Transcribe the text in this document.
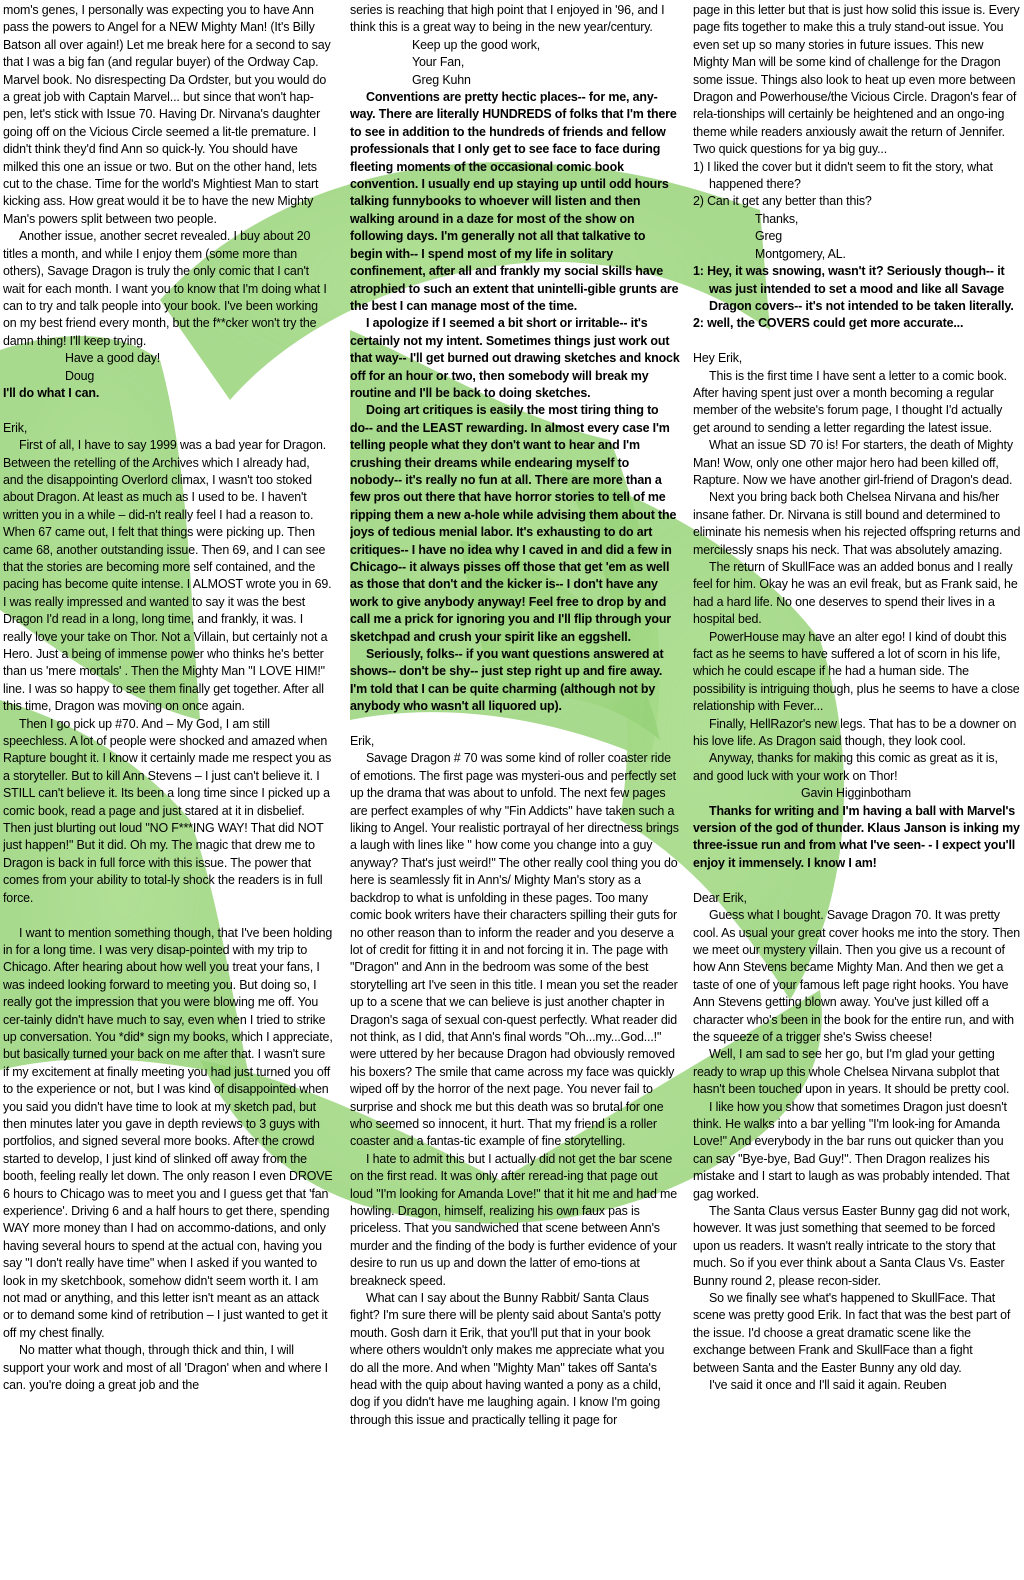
mom's genes, I personally was expecting you to have Ann pass the powers to Angel for a NEW Mighty Man! (It's Billy Batson all over again!) Let me break here for a second to say that I was a big fan (and regular buyer) of the Ordway Cap. Marvel book. No disrespecting Da Ordster, but you would do a great job with Captain Marvel... but since that won't hap-pen, let's stick with Issue 70. Having Dr. Nirvana's daughter going off on the Vicious Circle seemed a lit-tle premature. I didn't think they'd find Ann so quick-ly. You should have milked this one an issue or two. But on the other hand, lets cut to the chase. Time for the world's Mightiest Man to start kicking ass. How great would it be to have the new Mighty Man's powers split between two people.

Another issue, another secret revealed. I buy about 20 titles a month, and while I enjoy them (some more than others), Savage Dragon is truly the only comic that I can't wait for each month. I want you to know that I'm doing what I can to try and talk people into your book. I've been working on my best friend every month, but the f**cker won't try the damn thing! I'll keep trying.

Have a good day!

Doug

I'll do what I can.

Erik,

First of all, I have to say 1999 was a bad year for Dragon. Between the retelling of the Archives which I already had, and the disappointing Overlord climax, I wasn't too stoked about Dragon. At least as much as I used to be. I haven't written you in a while – did-n't really feel I had a reason to. When 67 came out, I felt that things were picking up. Then came 68, another outstanding issue. Then 69, and I can see that the stories are becoming more self contained, and the pacing has become quite intense. I ALMOST wrote you in 69. I was really impressed and wanted to say it was the best Dragon I'd read in a long, long time, and frankly, it was. I really love your take on Thor. Not a Villain, but certainly not a Hero. Just a being of immense power who thinks he's better than us 'mere mortals' . Then the Mighty Man "I LOVE HIM!" line. I was so happy to see them finally get together. After all this time, Dragon was moving on once again.

Then I go pick up #70. And – My God, I am still speechless. A lot of people were shocked and amazed when Rapture bought it. I know it certainly made me respect you as a storyteller. But to kill Ann Stevens – I just can't believe it. I STILL can't believe it. Its been a long time since I picked up a comic book, read a page and just stared at it in disbelief. Then just blurting out loud "NO F***ING WAY! That did NOT just happen!" But it did. Oh my. The magic that drew me to Dragon is back in full force with this issue. The power that comes from your ability to total-ly shock the readers is in full force.

I want to mention something though, that I've been holding in for a long time. I was very disap-pointed with my trip to Chicago. After hearing about how well you treat your fans, I was indeed looking forward to meeting you. But doing so, I really got the impression that you were blowing me off. You cer-tainly didn't have much to say, even when I tried to strike up conversation. You *did* sign my books, which I appreciate, but basically turned your back on me after that. I wasn't sure if my excitement at finally meeting you had just turned you off to the experience or not, but I was kind of disappointed when you said you didn't have time to look at my sketch pad, but then minutes later you gave in depth reviews to 3 guys with portfolios, and signed several more books. After the crowd started to develop, I just kind of slinked off away from the booth, feeling really let down. The only reason I even DROVE 6 hours to Chicago was to meet you and I guess get that 'fan experience'. Driving 6 and a half hours to get there, spending WAY more money than I had on accommo-dations, and only having several hours to spend at the actual con, having you say "I don't really have time" when I asked if you wanted to look in my sketchbook, somehow didn't seem worth it. I am not mad or anything, and this letter isn't meant as an attack or to demand some kind of retribution – I just wanted to get it off my chest finally.

No matter what though, through thick and thin, I will support your work and most of all 'Dragon' when and where I can. you're doing a great job and the

series is reaching that high point that I enjoyed in '96, and I think this is a great way to being in the new year/century.

Keep up the good work,

Your Fan,

Greg Kuhn

Conventions are pretty hectic places-- for me, any-way. There are literally HUNDREDS of folks that I'm there to see in addition to the hundreds of friends and fellow professionals that I only get to see face to face during fleeting moments of the occasional comic book convention. I usually end up staying up until odd hours talking funnybooks to whoever will listen and then walking around in a daze for most of the show on following days. I'm generally not all that talkative to begin with-- I spend most of my life in solitary confinement, after all and frankly my social skills have atrophied to such an extent that unintelli-gible grunts are the best I can manage most of the time.

I apologize if I seemed a bit short or irritable-- it's certainly not my intent. Sometimes things just work out that way-- I'll get burned out drawing sketches and knock off for an hour or two, then somebody will break my routine and I'll be back to doing sketches.

Doing art critiques is easily the most tiring thing to do-- and the LEAST rewarding. In almost every case I'm telling people what they don't want to hear and I'm crushing their dreams while endearing myself to nobody-- it's really no fun at all. There are more than a few pros out there that have horror stories to tell of me ripping them a new a-hole while advising them about the joys of tedious menial labor. It's exhausting to do art critiques-- I have no idea why I caved in and did a few in Chicago-- it always pisses off those that get 'em as well as those that don't and the kicker is-- I don't have any work to give anybody anyway! Feel free to drop by and call me a prick for ignoring you and I'll flip through your sketchpad and crush your spirit like an eggshell.

Seriously, folks-- if you want questions answered at shows-- don't be shy-- just step right up and fire away. I'm told that I can be quite charming (although not by anybody who wasn't all liquored up).

Erik,

Savage Dragon # 70 was some kind of roller coaster ride of emotions. The first page was mysteri-ous and perfectly set up the drama that was about to unfold. The next few pages are perfect examples of why "Fin Addicts" have taken such a liking to Angel. Your realistic portrayal of her directness brings a laugh with lines like " how come you change into a guy anyway? That's just weird!" The other really cool thing you do here is seamlessly fit in Ann's/ Mighty Man's story as a backdrop to what is unfolding in these pages. Too many comic book writers have their characters spilling their guts for no other reason than to inform the reader and you deserve a lot of credit for fitting it in and not forcing it in. The page with "Dragon" and Ann in the bedroom was some of the best storytelling art I've seen in this title. I mean you set the reader up to a scene that we can believe is just another chapter in Dragon's saga of sexual con-quest perfectly. What reader did not think, as I did, that Ann's final words "Oh...my...God...!" were uttered by her because Dragon had obviously removed his boxers? The smile that came across my face was quickly wiped off by the horror of the next page. You never fail to surprise and shock me but this death was so brutal for one who seemed so innocent, it hurt. That my friend is a roller coaster and a fantas-tic example of fine storytelling.

I hate to admit this but I actually did not get the bar scene on the first read. It was only after reread-ing that page out loud "I'm looking for Amanda Love!" that it hit me and had me howling. Dragon, himself, realizing his own faux pas is priceless. That you sandwiched that scene between Ann's murder and the finding of the body is further evidence of your desire to run us up and down the latter of emo-tions at breakneck speed.

What can I say about the Bunny Rabbit/ Santa Claus fight? I'm sure there will be plenty said about Santa's potty mouth. Gosh darn it Erik, that you'll put that in your book where others wouldn't only makes me appreciate what you do all the more. And when "Mighty Man" takes off Santa's head with the quip about having wanted a pony as a child, dog if you didn't have me laughing again. I know I'm going through this issue and practically telling it page for

page in this letter but that is just how solid this issue is. Every page fits together to make this a truly stand-out issue. You even set up so many stories in future issues. This new Mighty Man will be some kind of challenge for the Dragon some issue. Things also look to heat up even more between Dragon and Powerhouse/the Vicious Circle. Dragon's fear of rela-tionships will certainly be heightened and an ongo-ing theme while readers anxiously await the return of Jennifer. Two quick questions for ya big guy...

1) I liked the cover but it didn't seem to fit the story, what happened there?

2) Can it get any better than this?

Thanks,

Greg

Montgomery, AL.

1: Hey, it was snowing, wasn't it? Seriously though-- it was just intended to set a mood and like all Savage Dragon covers-- it's not intended to be taken literally.

2: well, the COVERS could get more accurate...

Hey Erik,

This is the first time I have sent a letter to a comic book. After having spent just over a month becoming a regular member of the website's forum page, I thought I'd actually get around to sending a letter regarding the latest issue.

What an issue SD 70 is! For starters, the death of Mighty Man! Wow, only one other major hero had been killed off, Rapture. Now we have another girl-friend of Dragon's dead.

Next you bring back both Chelsea Nirvana and his/her insane father. Dr. Nirvana is still bound and determined to eliminate his nemesis when his rejected offspring returns and mercilessly snaps his neck. That was absolutely amazing.

The return of SkullFace was an added bonus and I really feel for him. Okay he was an evil freak, but as Frank said, he had a hard life. No one deserves to spend their lives in a hospital bed.

PowerHouse may have an alter ego! I kind of doubt this fact as he seems to have suffered a lot of scorn in his life, which he could escape if he had a human side. The possibility is intriguing though, plus he seems to have a close relationship with Fever...

Finally, HellRazor's new legs. That has to be a downer on his love life. As Dragon said though, they look cool.

Anyway, thanks for making this comic as great as it is, and good luck with your work on Thor!

Gavin Higginbotham

Thanks for writing and I'm having a ball with Marvel's version of the god of thunder. Klaus Janson is inking my three-issue run and from what I've seen- - I expect you'll enjoy it immensely. I know I am!

Dear Erik,

Guess what I bought. Savage Dragon 70. It was pretty cool. As usual your great cover hooks me into the story. Then we meet our mystery villain. Then you give us a recount of how Ann Stevens became Mighty Man. And then we get a taste of one of your famous left page right hooks. You have Ann Stevens getting blown away. You've just killed off a character who's been in the book for the entire run, and with the squeeze of a trigger she's Swiss cheese!

Well, I am sad to see her go, but I'm glad your getting ready to wrap up this whole Chelsea Nirvana subplot that hasn't been touched upon in years. It should be pretty cool.

I like how you show that sometimes Dragon just doesn't think. He walks into a bar yelling "I'm look-ing for Amanda Love!" And everybody in the bar runs out quicker than you can say "Bye-bye, Bad Guy!". Then Dragon realizes his mistake and I start to laugh as was probably intended. That gag worked.

The Santa Claus versus Easter Bunny gag did not work, however. It was just something that seemed to be forced upon us readers. It wasn't really intricate to the story that much. So if you ever think about a Santa Claus Vs. Easter Bunny round 2, please recon-sider.

So we finally see what's happened to SkullFace. That scene was pretty good Erik. In fact that was the best part of the issue. I'd choose a great dramatic scene like the exchange between Frank and SkullFace than a fight between Santa and the Easter Bunny any old day.

I've said it once and I'll said it again. Reuben
